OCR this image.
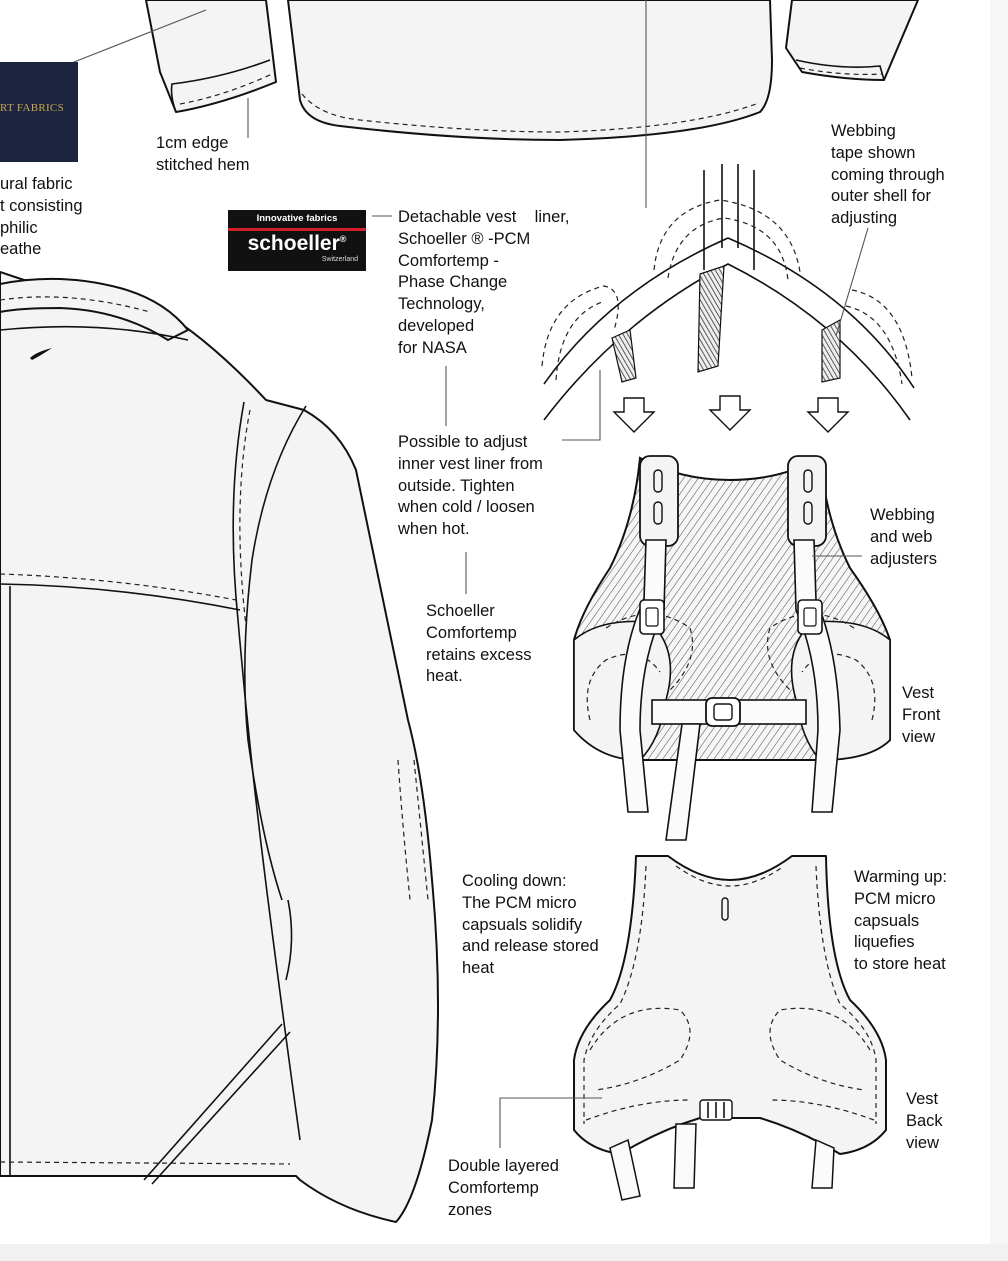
RT FABRICS
Innovative fabrics
schoeller®
Switzerland
1cm edge
stitched hem
ural fabric
t consisting
philic
eathe
Detachable vest    liner,
Schoeller ® -PCM
Comfortemp -
Phase Change
Technology,
developed
for NASA
Webbing
tape shown
coming through
outer shell for
adjusting
Possible to adjust
inner vest liner from
outside. Tighten
when cold / loosen
when hot.
Webbing
and web
adjusters
Schoeller
Comfortemp
retains excess
heat.
Vest
Front
view
Cooling down:
The PCM micro
capsuals solidify
and release stored
heat
Warming up:
PCM micro
capsuals
liquefies
to store heat
Vest
Back
view
Double layered
Comfortemp
zones
